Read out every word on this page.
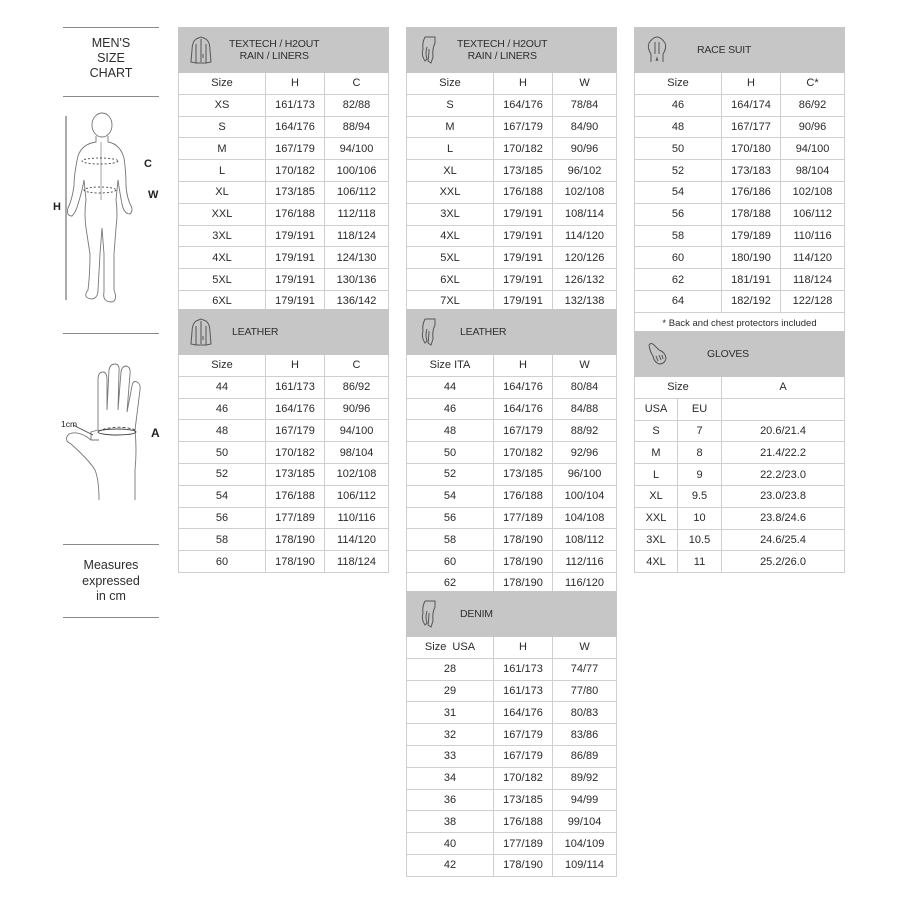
MEN'S
SIZE
CHART
C
W
H
1cm
A
Measures
expressed
in cm
TEXTECH / H2OUT
RAIN / LINERS		

Size	H	C
XS	161/173	82/88
S	164/176	88/94
M	167/179	94/100
L	170/182	100/106
XL	173/185	106/112
XXL	176/188	112/118
3XL	179/191	118/124
4XL	179/191	124/130
5XL	179/191	130/136
6XL	179/191	136/142
LEATHER		

Size	H	C
44	161/173	86/92
46	164/176	90/96
48	167/179	94/100
50	170/182	98/104
52	173/185	102/108
54	176/188	106/112
56	177/189	110/116
58	178/190	114/120
60	178/190	118/124
TEXTECH / H2OUT
RAIN / LINERS		

Size	H	W
S	164/176	78/84
M	167/179	84/90
L	170/182	90/96
XL	173/185	96/102
XXL	176/188	102/108
3XL	179/191	108/114
4XL	179/191	114/120
5XL	179/191	120/126
6XL	179/191	126/132
7XL	179/191	132/138
LEATHER		

Size ITA	H	W
44	164/176	80/84
46	164/176	84/88
48	167/179	88/92
50	170/182	92/96
52	173/185	96/100
54	176/188	100/104
56	177/189	104/108
58	178/190	108/112
60	178/190	112/116
62	178/190	116/120
DENIM		

Size  USA	H	W
28	161/173	74/77
29	161/173	77/80
31	164/176	80/83
32	167/179	83/86
33	167/179	86/89
34	170/182	89/92
36	173/185	94/99
38	176/188	99/104
40	177/189	104/109
42	178/190	109/114
RACE SUIT		

Size	H	C*
46	164/174	86/92
48	167/177	90/96
50	170/180	94/100
52	173/183	98/104
54	176/186	102/108
56	178/188	106/112
58	179/189	110/116
60	180/190	114/120
62	181/191	118/124
64	182/192	122/128
* Back and chest protectors included		
GLOVES		

Size		A
USA	EU	
S	7	20.6/21.4
M	8	21.4/22.2
L	9	22.2/23.0
XL	9.5	23.0/23.8
XXL	10	23.8/24.6
3XL	10.5	24.6/25.4
4XL	11	25.2/26.0
